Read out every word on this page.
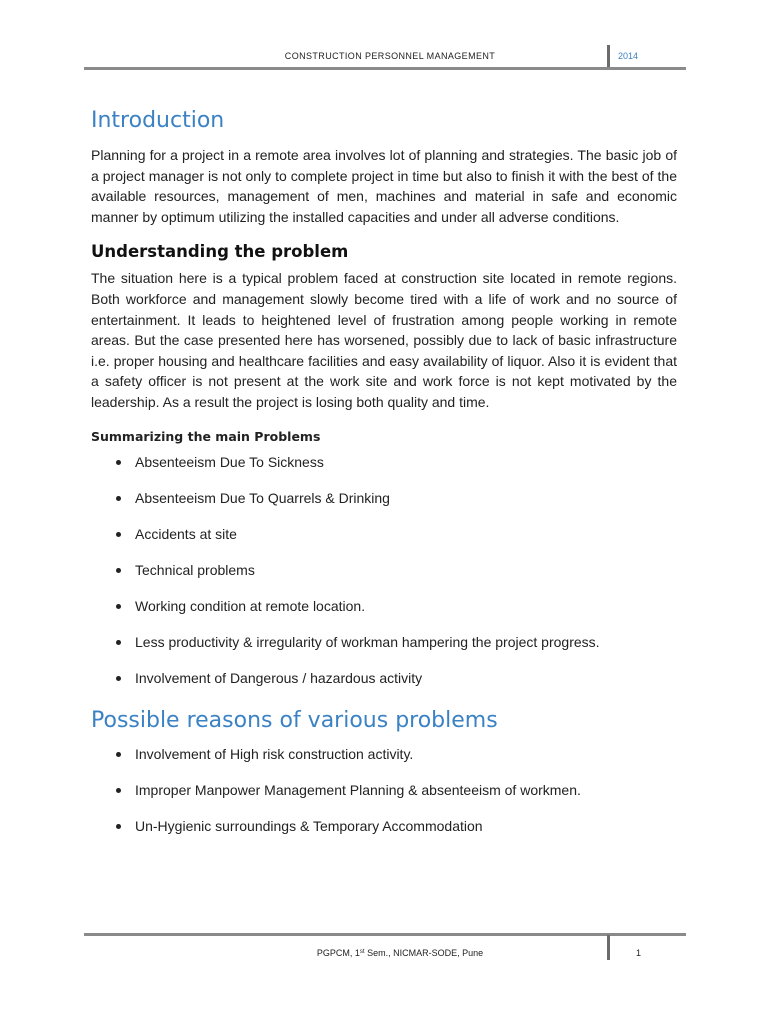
CONSTRUCTION PERSONNEL MANAGEMENT	2014
Introduction

Planning for a project in a remote area involves lot of planning and strategies. The basic job of a project manager is not only to complete project in time but also to finish it with the best of the available resources, management of men, machines and material in safe and economic manner by optimum utilizing the installed capacities and under all adverse conditions.

Understanding the problem

The situation here is a typical problem faced at construction site located in remote regions. Both workforce and management slowly become tired with a life of work and no source of entertainment. It leads to heightened level of frustration among people working in remote areas. But the case presented here has worsened, possibly due to lack of basic infrastructure i.e. proper housing and healthcare facilities and easy availability of liquor. Also it is evident that a safety officer is not present at the work site and work force is not kept motivated by the leadership. As a result the project is losing both quality and time.

Summarizing the main Problems
Absenteeism Due To Sickness
Absenteeism Due To Quarrels & Drinking
Accidents at site
Technical problems
Working condition at remote location.
Less productivity & irregularity of workman hampering the project progress.
Involvement of Dangerous / hazardous activity
Possible reasons of various problems
Involvement of High risk construction activity.
Improper Manpower Management Planning & absenteeism of workmen.
Un-Hygienic surroundings & Temporary Accommodation
PGPCM, 1st Sem., NICMAR-SODE, Pune	1
